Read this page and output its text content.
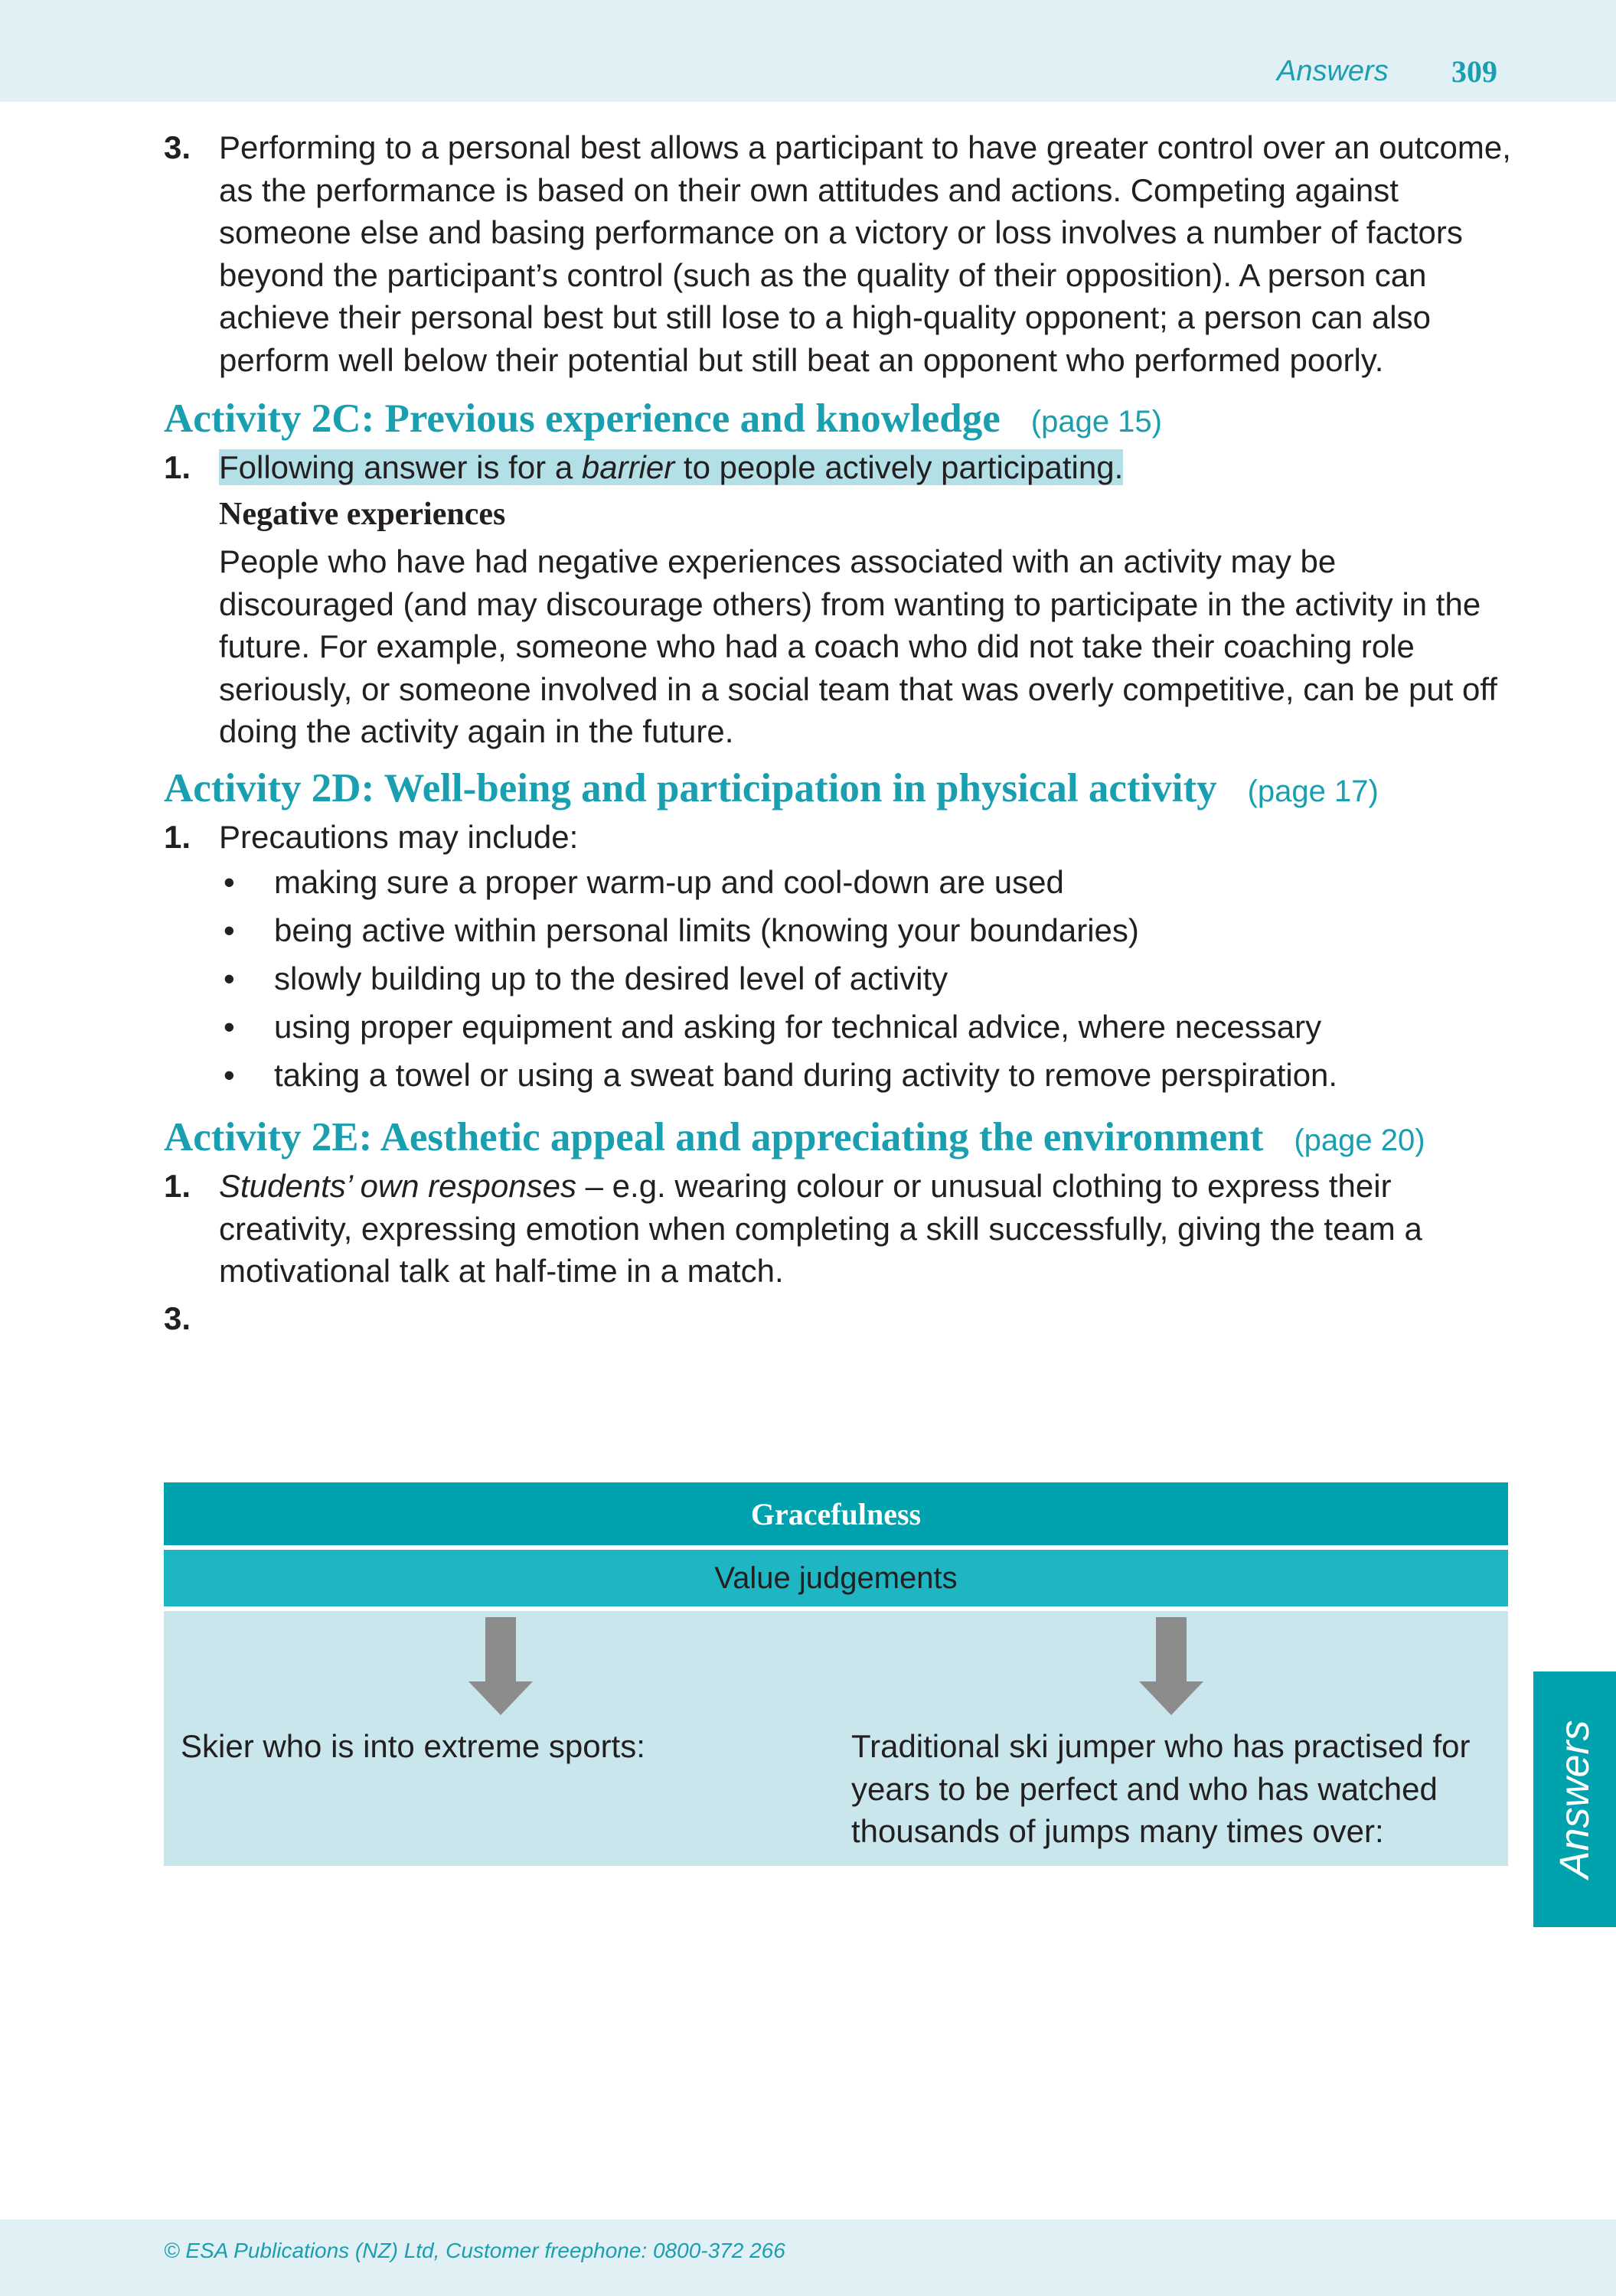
Answers 309
3. Performing to a personal best allows a participant to have greater control over an outcome, as the performance is based on their own attitudes and actions. Competing against someone else and basing performance on a victory or loss involves a number of factors beyond the participant’s control (such as the quality of their opposition). A person can achieve their personal best but still lose to a high-quality opponent; a person can also perform well below their potential but still beat an opponent who performed poorly.

Activity 2C: Previous experience and knowledge (page 15)
1. Following answer is for a barrier to people actively participating.

Negative experiences

People who have had negative experiences associated with an activity may be discouraged (and may discourage others) from wanting to participate in the activity in the future. For example, someone who had a coach who did not take their coaching role seriously, or someone involved in a social team that was overly competitive, can be put off doing the activity again in the future.

Activity 2D: Well-being and participation in physical activity (page 17)
1. Precautions may include:

• making sure a proper warm-up and cool-down are used
• being active within personal limits (knowing your boundaries)
• slowly building up to the desired level of activity
• using proper equipment and asking for technical advice, where necessary
• taking a towel or using a sweat band during activity to remove perspiration.
Activity 2E: Aesthetic appeal and appreciating the environment (page 20)
1. Students’ own responses – e.g. wearing colour or unusual clothing to express their creativity, expressing emotion when completing a skill successfully, giving the team a motivational talk at half-time in a match.

3.

Gracefulness
Value judgements
Skier who is into extreme sports:	Traditional ski jumper who has practised for years to be perfect and who has watched thousands of jumps many times over:	Answers
© ESA Publications (NZ) Ltd, Customer freephone: 0800-372 266
